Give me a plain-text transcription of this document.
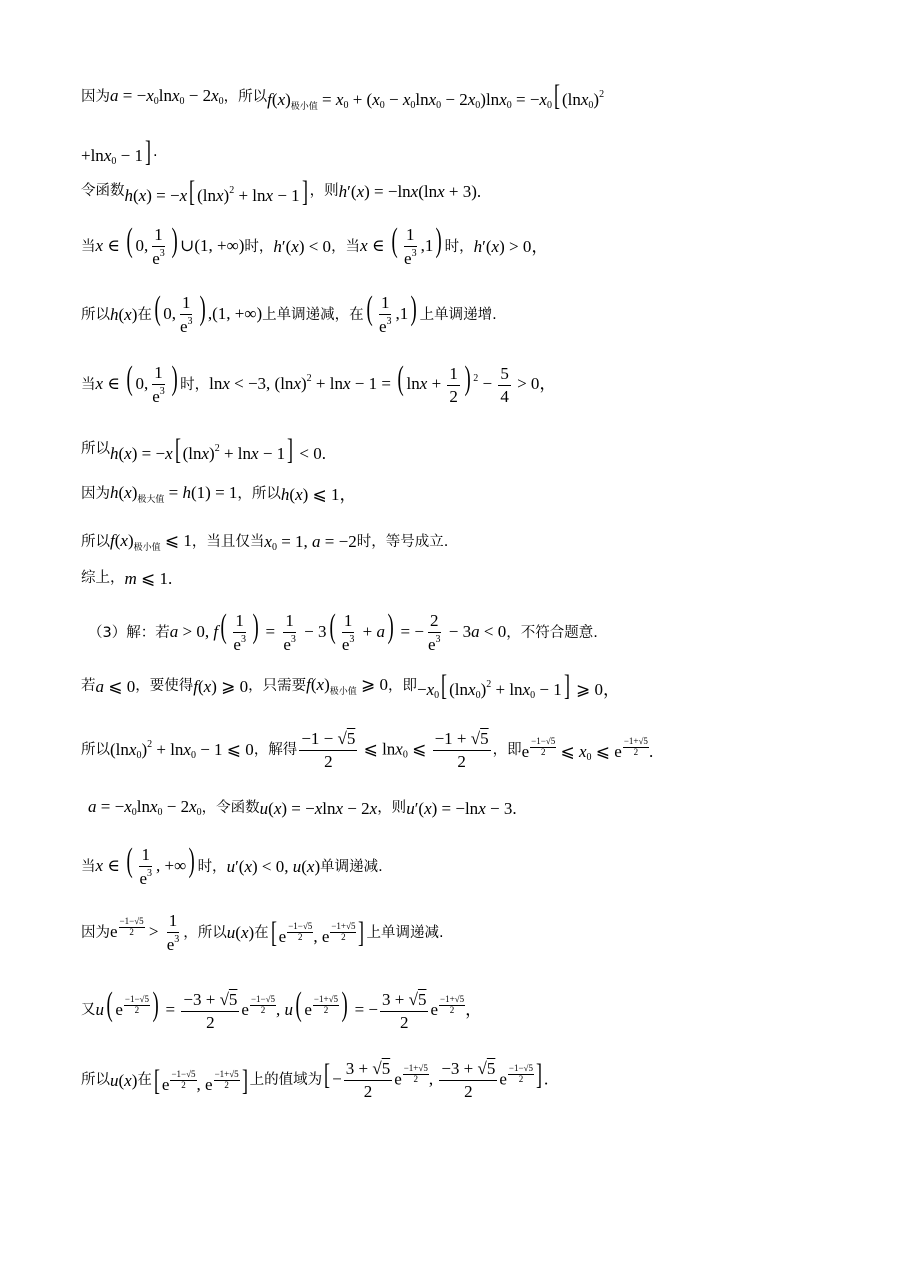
因为 $a = -x_0\ln x_0 - 2x_0$ ，所以 $f(x)_{极小值} = x_0 + (x_0 - x_0\ln x_0 - 2x_0)\ln x_0 = -x_0$[ $(\ln x_0)^2$
+lnx$_0$ − 1] .
令函数 h(x) = −x[ $(\ln x)^2 + \ln x - 1$] ，则 h′(x) = −lnx(lnx + 3).
当 x ∈ ( 0, $\frac{1}{e^3}$ ) ∪(1, +∞) 时， h′(x) < 0 ，当 x ∈ ( $\frac{1}{e^3} ,1$) 时， h′(x) > 0，
所以 h(x) 在 ( 0, $\frac{1}{e^3}$ ) ,(1, +∞) 上单调递减，在 ( $\frac{1}{e^3} ,1$) 上单调递增.
当 x ∈ ( 0, $\frac{1}{e^3}$ ) 时， lnx < −3, $(\ln x)^2 + \ln x - 1$ = ( $\ln x + \frac{1}{2}$ ) $^2 - \frac{5}{4} > 0$，
所以 h(x) = −x[ $(\ln x)^2 + \ln x - 1] < 0$.
因为 $h(x)_{极大值} = h(1) = 1$ ，所以 h(x) ⩽ 1，
所以 $f(x)_{极小值}$ ⩽ 1 ，当且仅当 $x_0 = 1$, a = −2 时，等号成立.
综上， m ⩽ 1.
（3）解：若 a > 0, $f( \frac{1}{e^3}$ ) = $\frac{1}{e^3} - 3( \frac{1}{e^3} + a)$ = − $\frac{2}{e^3} - 3a < 0$ ，不符合题意.
若 a ⩽ 0 ，要使得 f(x) ⩾ 0 ，只需要 $f(x)_{极小值}$ ⩾ 0 ，即 $-x_0$[ $(\ln x_0)^2 + \ln x_0 - 1$] ⩾ 0，
所以 $(\ln x_0)^2 + \ln x_0 - 1$ ⩽ 0 ，解得 $\frac{-1 - √5}{2}$ ⩽ lnx$_0$ ⩽ $\frac{-1 + √5}{2}$ ，即 e $\frac{-1-√5}{2}$ ⩽ $x_0$ ⩽ e $\frac{-1+√5}{2}$ .
$a = -x_0\ln x_0 - 2x_0$ ，令函数 u(x) = −xlnx − 2x ，则 u′(x) = −lnx − 3.
当 x ∈ ( $\frac{1}{e^3}$ , +∞) 时， u′(x) < 0, u(x) 单调递减.
因为 e $\frac{-1-√5}{2} > \frac{1}{e^3}$ ，所以 u(x) 在 [ e $\frac{-1-√5}{2}$ , e $\frac{-1+√5}{2}$ ] 上单调递减.
又 u( e $\frac{-1-√5}{2}$ ) = $\frac{-3 + √5}{2}$ e $\frac{-1-√5}{2}$ , u( e $\frac{-1+√5}{2}$ ) = − $\frac{3 + √5}{2}$ e $\frac{-1+√5}{2}$ ，
所以 u(x) 在 [ e $\frac{-1-√5}{2}$ , e $\frac{-1+√5}{2}$ ] 上的值域为 [ − $\frac{3 + √5}{2}$ e $\frac{-1+√5}{2}$ , $\frac{-3 + √5}{2}$ e $\frac{-1-√5}{2}$ ] .
